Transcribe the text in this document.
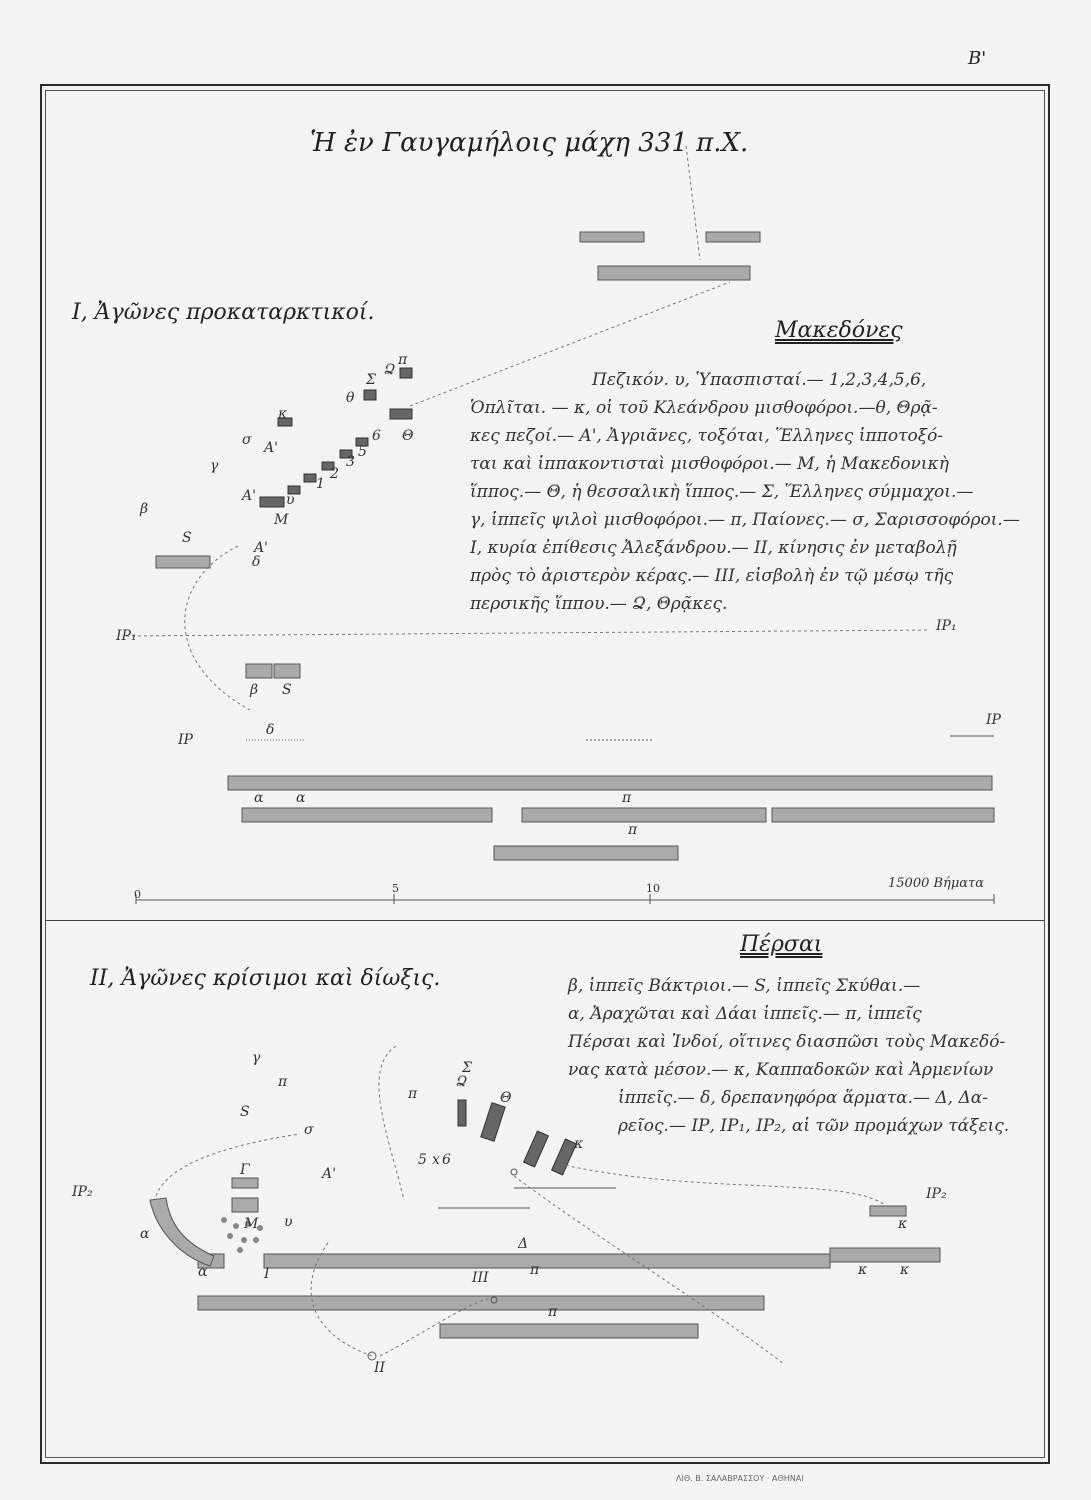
Β'
Ἡ ἐν Γαυγαμήλοις μάχη 331 π.Χ.
Ι, Ἀγῶνες προκαταρκτικοί.
ΙΙ, Ἀγῶνες κρίσιμοι καὶ δίωξις.
Μακεδόνες
Πεζικόν. υ, Ὑπασπισταί.— 1,2,3,4,5,6,
Ὁπλῖται. — κ, οἱ τοῦ Κλεάνδρου μισθοφόροι.—θ, Θρᾷ-
κες πεζοί.— Α', Ἀγριᾶνες, τοξόται, Ἕλληνες ἱπποτοξό-
ται καὶ ἱππακοντισταὶ μισθοφόροι.— Μ, ἡ Μακεδονικὴ
ἵππος.— Θ, ἡ θεσσαλικὴ ἵππος.— Σ, Ἕλληνες σύμμαχοι.—
γ, ἱππεῖς ψιλοὶ μισθοφόροι.— π, Παίονες.— σ, Σαρισσοφόροι.—
Ι, κυρία ἐπίθεσις Ἀλεξάνδρου.— ΙΙ, κίνησις ἐν μεταβολῇ
πρὸς τὸ ἀριστερὸν κέρας.— ΙΙΙ, εἰσβολὴ ἐν τῷ μέσῳ τῆς
περσικῆς ἵππου.— Ձ, Θρᾷκες.
Πέρσαι
β, ἱππεῖς Βάκτριοι.— S, ἱππεῖς Σκύθαι.—
α, Ἀραχῶται καὶ Δάαι ἱππεῖς.— π, ἱππεῖς
Πέρσαι καὶ Ἰνδοί, οἵτινες διασπῶσι τοὺς Μακεδό-
νας κατὰ μέσον.— κ, Καππαδοκῶν καὶ Ἀρμενίων
ἱππεῖς.— δ, δρεπανηφόρα ἅρματα.— Δ, Δα-
ρεῖος.— ΙΡ, ΙΡ₁, ΙΡ₂, αἱ τῶν προμάχων τάξεις.
β
S
δ
ΙΡ₁
ΙΡ₁
β S
δ
ΙΡ
ΙΡ
α α	π
π
Μ
Α'
Α'
Α'
υ
κ
Θ
Σ
π
θ
Ձ
γ
σ
1
2
5
6
3
0	5	10	15000 Βήματα
ΙΡ₂	ΙΡ₂
α
α	Ι
ΙΙ
ΙΙΙ
Δ
π
π
κ κ
κ
Μ
Γ	Α'
υ
Θ
Σ
Ձ
π
κ
σ
γ
π
S
5 6
x
ΛΙΘ. Β. ΣΑΛΑΒΡΑΣΣΟΥ · ΑΘΗΝΑΙ
